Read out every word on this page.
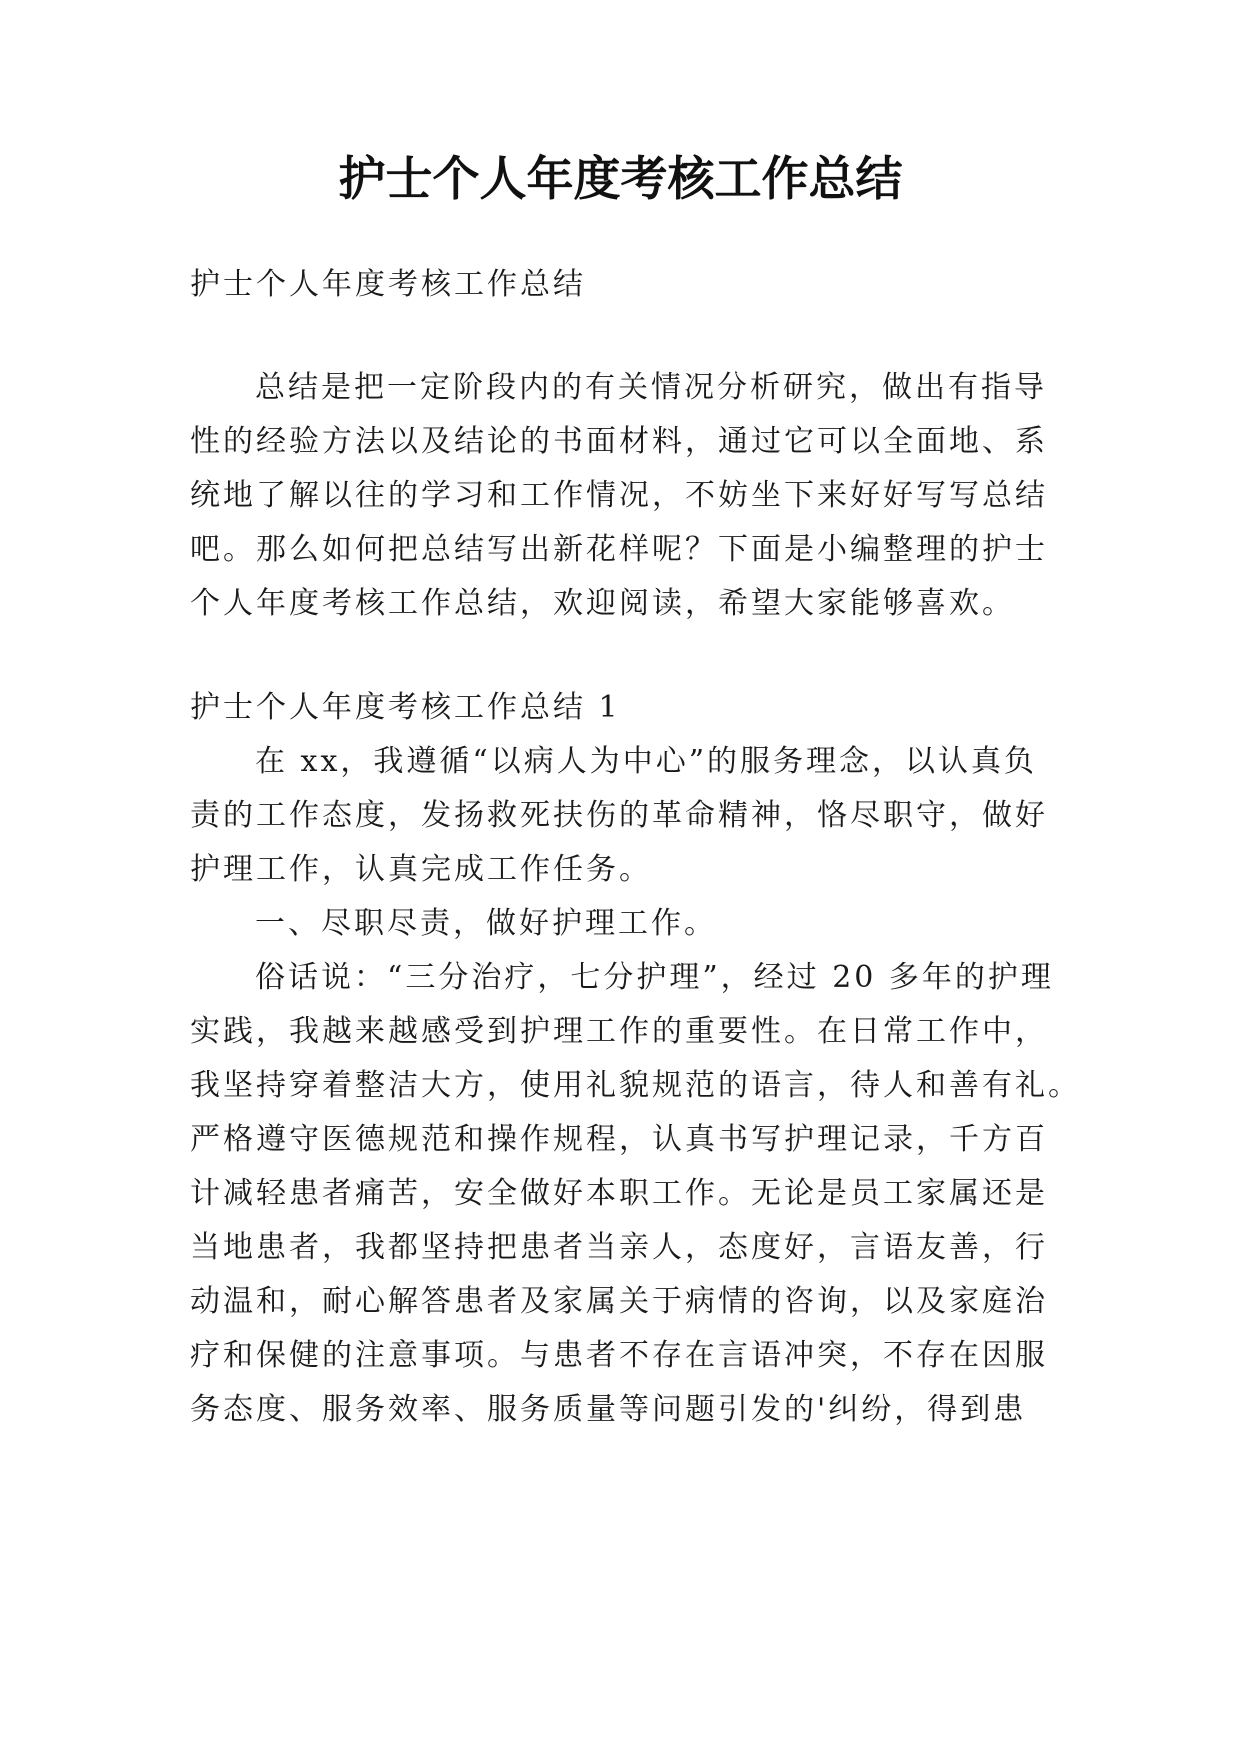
护士个人年度考核工作总结
护士个人年度考核工作总结
总结是把一定阶段内的有关情况分析研究，做出有指导
性的经验方法以及结论的书面材料，通过它可以全面地、系
统地了解以往的学习和工作情况，不妨坐下来好好写写总结
吧。那么如何把总结写出新花样呢？下面是小编整理的护士
个人年度考核工作总结，欢迎阅读，希望大家能够喜欢。
护士个人年度考核工作总结 1
在 xx，我遵循“以病人为中心”的服务理念，以认真负
责的工作态度，发扬救死扶伤的革命精神，恪尽职守，做好
护理工作，认真完成工作任务。
一、尽职尽责，做好护理工作。
俗话说：“三分治疗，七分护理”，经过 20 多年的护理
实践，我越来越感受到护理工作的重要性。在日常工作中，
我坚持穿着整洁大方，使用礼貌规范的语言，待人和善有礼。
严格遵守医德规范和操作规程，认真书写护理记录，千方百
计减轻患者痛苦，安全做好本职工作。无论是员工家属还是
当地患者，我都坚持把患者当亲人，态度好，言语友善，行
动温和，耐心解答患者及家属关于病情的咨询，以及家庭治
疗和保健的注意事项。与患者不存在言语冲突，不存在因服
务态度、服务效率、服务质量等问题引发的'纠纷，得到患
